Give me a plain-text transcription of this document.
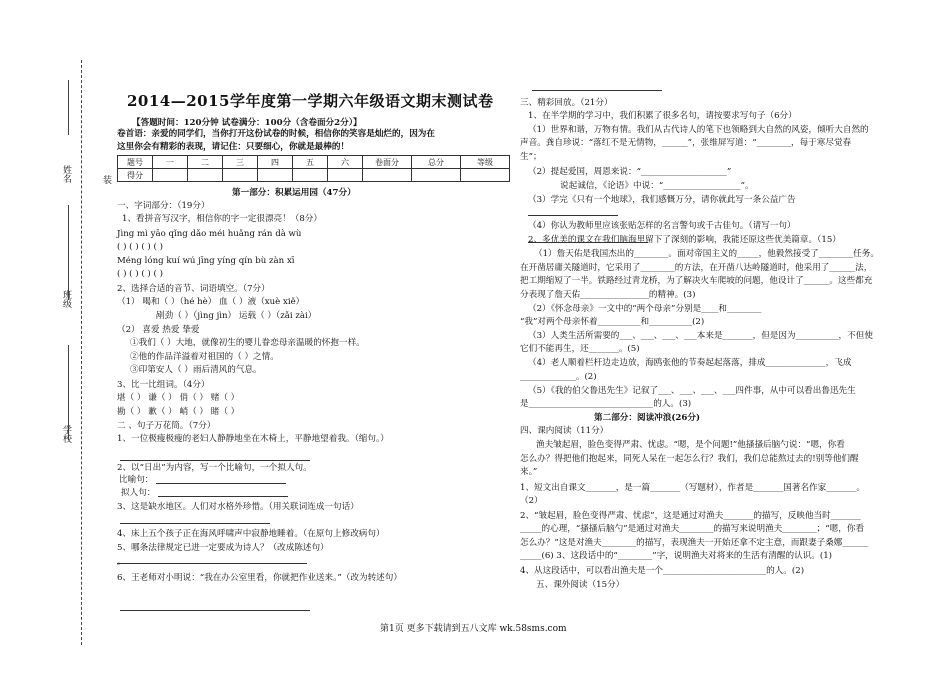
姓名	装
班级
学校
2014—2015学年度第一学期六年级语文期末测试卷
【答题时间：120分钟 试卷满分：100分（含卷面分2分）】
卷首语：亲爱的同学们，当你打开这份试卷的时候，相信你的笑容是灿烂的，因为在
这里你会有精彩的表现，请记住：只要细心，你就是最棒的！
题号	一	二	三	四	五	六	卷面分	总分	等级
得分									
第一部分：积累运用园（47分）
一、字词部分：（19分）
1、看拼音写汉字，相信你的字一定很漂亮！（8分）
Jìng mì yāo qǐng dǎo méi huǎng rán dà wù
( ) ( ) ( ) ( )
Méng lóng kuí wú jīng yíng qín bù zàn xī
( ) ( ) ( ) ( )
2、选择合适的音节、词语填空。（7分）
（1） 喝和（ ）（hé hè） 血（ ）液（xuè xiě）
剐劲（ ）（jìng jìn） 运载（ ）（zǎi zài）
（2） 喜爱 热爱 挚爱
①我们（ ）大地，就像初生的婴儿眷恋母亲温暖的怀抱一样。
②他的作品洋溢着对祖国的（ ）之情。
③印第安人（ ）雨后清风的气息。
3、比一比组词。（4分）
堪（ ） 谦（ ） 俏（ ） 赌（ ）
勘（ ） 歉（ ） 峭（ ） 睹（ ）
二 、句子万花筒。（7分）
1、一位极瘦极瘦的老妇人静静地坐在木椅上，平静地望着我。（缩句。）
2、以“日出”为内容，写一个比喻句，一个拟人句。
比喻句：
拟人句：
3、这是缺水地区。人们对水格外珍惜。（用关联词连成一句话）
4、床上五个孩子正在海风呼啸声中寂静地睡着。（在原句上修改病句）
5、哪条法律规定已进一定要成为诗人？（改成陈述句）
。
6、王老师对小明说：“我在办公室里看，你就把作业送来。”（改为转述句）
三、精彩回放。（21分）
1、在半学期的学习中，我们积累了很多名句，请按要求写句子（6分）
（1）世界和谐，万物有情。我们从古代诗人的笔下也领略到大自然的风姿，倾听大自然的
声音。龚自珍说：“落红不是无情物，______”，张维屏写道：“________，每于寒尽觉春
生”；
（2）提起爱国，周恩来说：“____________________”
说起诚信，《论语》中说：“__________________”。
（3）学完《只有一个地球》，我们感慨万分，请你就此写一条公益广告
（4）你认为教师里应该张贴怎样的名言警句或千古佳句。（请写一句）
2、多优美的课文在我们脑海里留下了深刻的影响，我能还原这些优美篇章。（15）
（1）詹天佑是我国杰出的________。面对帝国主义的_____，他毅然接受了________任务。
在开凿居庸关隧道时，它采用了________的方法，在开凿八达岭隧道时，他采用了______法，
把工期缩短了一半。铁路经过青龙桥，为了解决火车爬坡的问题，他设计了______。这些都充
分表现了詹天佑________________的精神。(3)
（2）《怀念母亲》一文中的“两个母亲”分别是____和________
“我”对两个母亲怀着__________和__________(2)
（3）人类生活所需要的___、___、___、___本来是_______，但是因为__________，不但使
它们不能再生，还_______。(5)
（4）老人顺着栏杆边走边放，海鸥张他的节奏起起落落，排成______________，飞成
_____________。(2)
（5）《我的伯父鲁迅先生》记叙了___、___、___、___四件事，从中可以看出鲁迅先生
是_____________________________的人。(3)
第二部分：阅读冲浪(26分)
四、课内阅读（11分）
渔夫皱起眉，脸色变得严肃、忧虑。“嗯，是个问题!”他搔搔后脑勺说：“嗯，你看
怎么办？得把他们抱起来，同死人呆在一起怎么行？我们，我们总能熬过去的!别等他们醒
来。”
1、短文出自课文_______，是一篇_______（写题材），作者是_______国著名作家_______。
（2）
2、“皱起眉，脸色变得严肃、忧虑”，这是通过对渔夫_______的描写，反映他当时_______
_____的心理，“搔搔后脑勺”是通过对渔夫________的描写来说明渔夫________；“嗯，你看
怎么办？”这是对渔夫________的描写，表现渔夫一开始还拿不定主意，而跟妻子桑娜______
_____(6) 3、这段话中的“________”字，说明渔夫对将来的生活有清醒的认识。(1)
4、从这段话中，可以看出渔夫是一个________________________的人。(2)
五、课外阅读（15分）
第1页 更多下载请到五八文库 wk.58sms.com
